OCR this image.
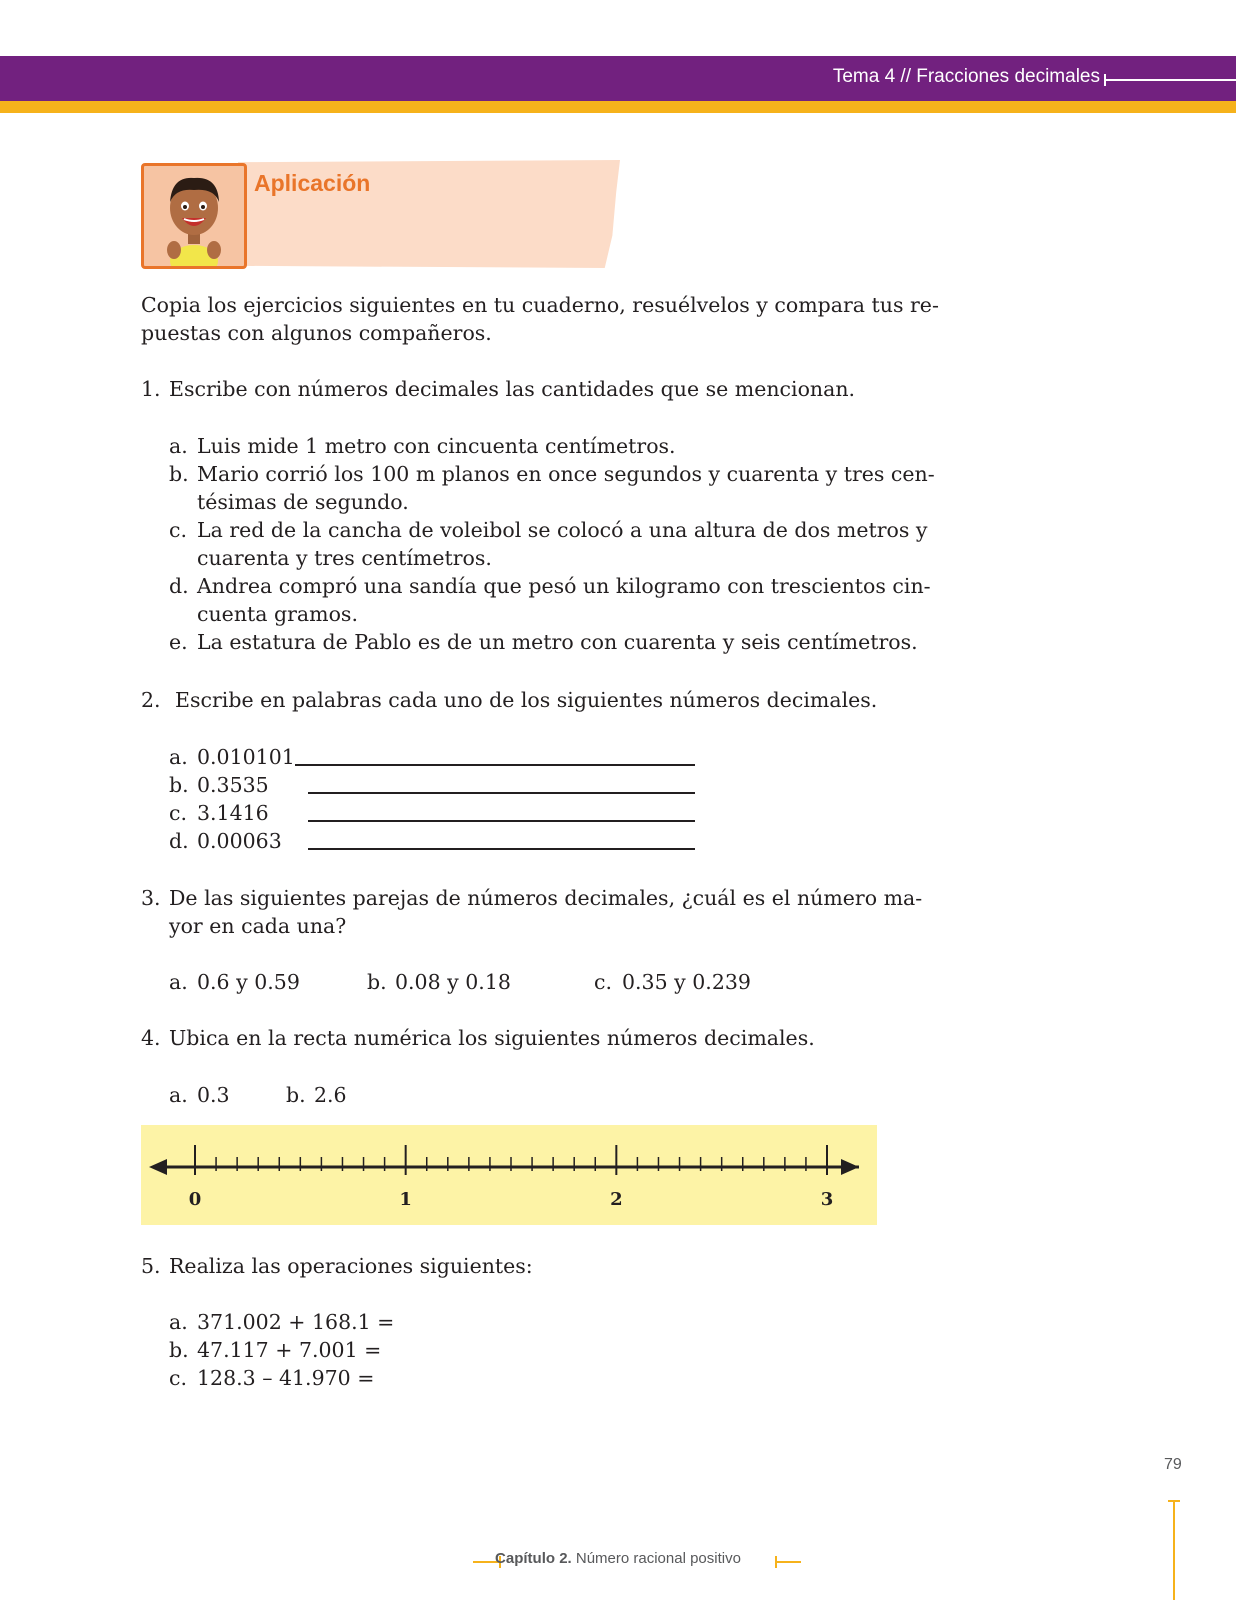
Tema 4 // Fracciones decimales
Aplicación
Copia los ejercicios siguientes en tu cuaderno, resuélvelos y compara tus re-
puestas con algunos compañeros.
1. Escribe con números decimales las cantidades que se mencionan.
a. Luis mide 1 metro con cincuenta centímetros.
b. Mario corrió los 100 m planos en once segundos y cuarenta y tres cen-
tésimas de segundo.
c. La red de la cancha de voleibol se colocó a una altura de dos metros y
cuarenta y tres centímetros.
d. Andrea compró una sandía que pesó un kilogramo con trescientos cin-
cuenta gramos.
e. La estatura de Pablo es de un metro con cuarenta y seis centímetros.
2. Escribe en palabras cada uno de los siguientes números decimales.
a. 0.010101
b. 0.3535
c. 3.1416
d. 0.00063
3. De las siguientes parejas de números decimales, ¿cuál es el número ma-
yor en cada una?
a. 0.6 y 0.59	b. 0.08 y 0.18	c. 0.35 y 0.239
4. Ubica en la recta numérica los siguientes números decimales.
a. 0.3	b. 2.6
0	1	2	3
5. Realiza las operaciones siguientes:
a. 371.002 + 168.1 =
b. 47.117 + 7.001 =
c. 128.3 – 41.970 =
79
Capítulo 2. Número racional positivo
